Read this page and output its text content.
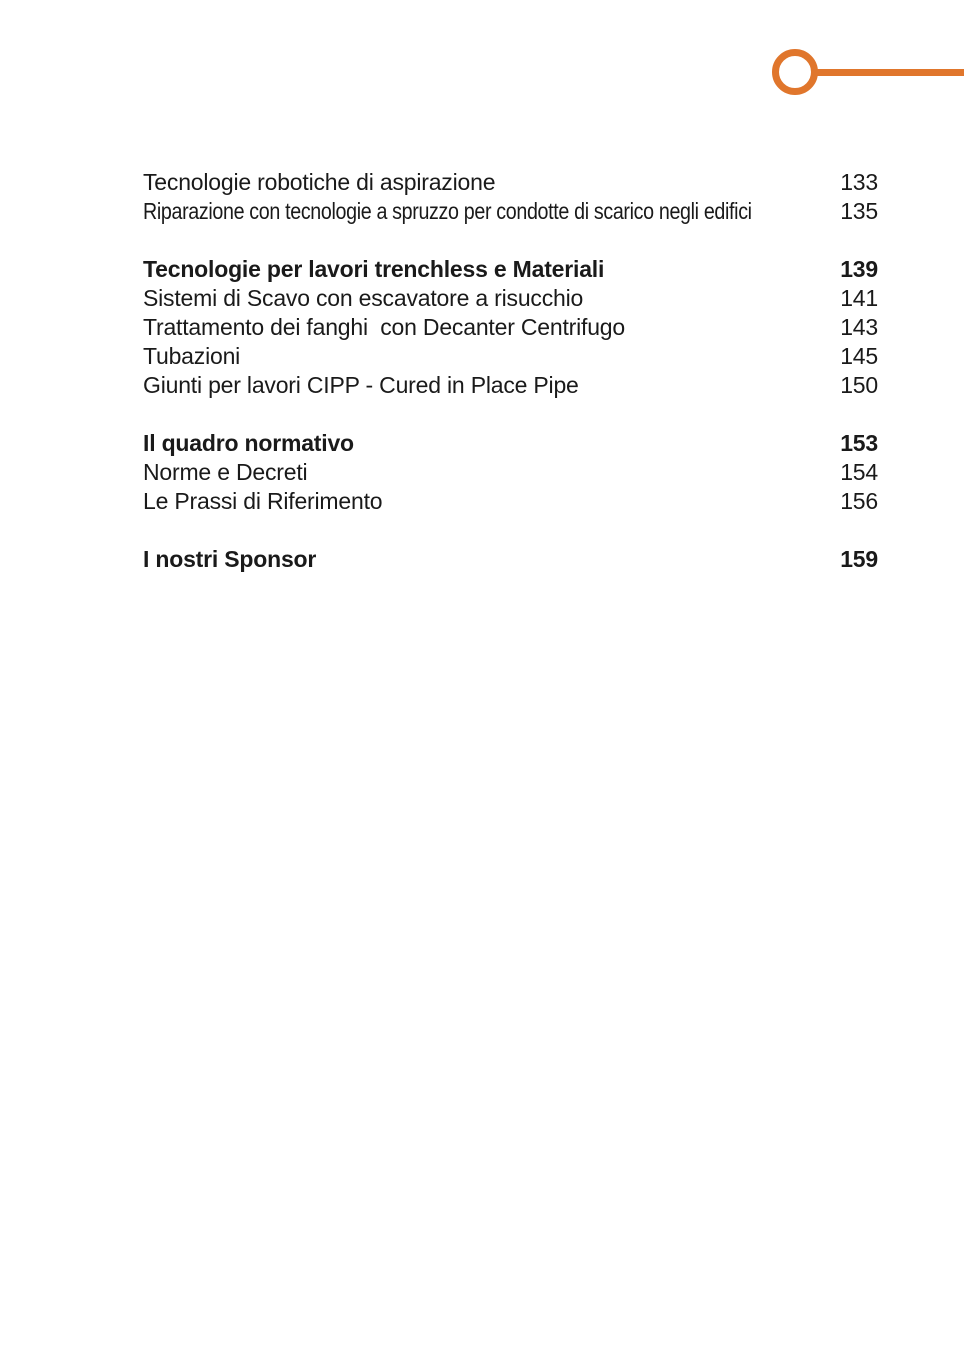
Tecnologie robotiche di aspirazione	133
Riparazione con tecnologie a spruzzo per condotte di scarico negli edifici	135
Tecnologie per lavori trenchless e Materiali	139
Sistemi di Scavo con escavatore a risucchio	141
Trattamento dei fanghi  con Decanter Centrifugo	143
Tubazioni	145
Giunti per lavori CIPP - Cured in Place Pipe	150
Il quadro normativo	153
Norme e Decreti	154
Le Prassi di Riferimento	156
I nostri Sponsor	159
